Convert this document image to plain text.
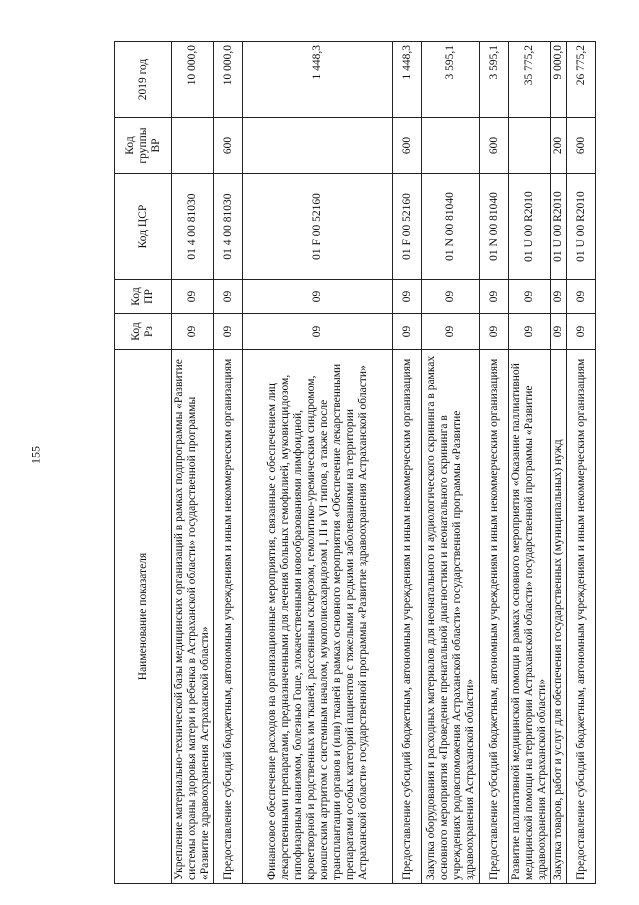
155
Наименование показателя	Код Рз	Код ПР	Код ЦСР	Код группы ВР	2019 год
Укрепление материально-технической базы медицинских организаций в рамках подпрограммы «Развитие системы охраны здоровья матери и ребенка в Астраханской области» государственной программы «Развитие здравоохранения Астраханской области»	09	09	01 4 00 81030		10 000,0
Предоставление субсидий бюджетным, автономным учреждениям и иным некоммерческим организациям	09	09	01 4 00 81030	600	10 000,0
Финансовое обеспечение расходов на организационные мероприятия, связанные с обеспечением лиц лекарственными препаратами, предназначенными для лечения больных гемофилией, муковисцидозом, гипофизарным нанизмом, болезнью Гоше, злокачественными новообразованиями лимфоидной, кроветворной и родственных им тканей, рассеянным склерозом, гемолитико-уремическим синдромом, юношеским артритом с системным началом, мукополисахаридозом I, II и VI типов, а также после трансплантации органов и (или) тканей в рамках основного мероприятия «Обеспечение лекарственными препаратами особых категорий пациентов с тяжелыми и редкими заболеваниями на территории Астраханской области» государственной программы «Развитие здравоохранения Астраханской области»	09	09	01 F 00 52160		1 448,3
Предоставление субсидий бюджетным, автономным учреждениям и иным некоммерческим организациям	09	09	01 F 00 52160	600	1 448,3
Закупка оборудования и расходных материалов для неонатального и аудиологического скрининга в рамках основного мероприятия «Проведение пренатальной диагностики и неонатального скрининга в учреждениях родовспоможения Астраханской области» государственной программы «Развитие здравоохранения Астраханской области»	09	09	01 N 00 81040		3 595,1
Предоставление субсидий бюджетным, автономным учреждениям и иным некоммерческим организациям	09	09	01 N 00 81040	600	3 595,1
Развитие паллиативной медицинской помощи в рамках основного мероприятия «Оказание паллиативной медицинской помощи на территории Астраханской области» государственной программы «Развитие здравоохранения Астраханской области»	09	09	01 U 00 R2010		35 775,2
Закупка товаров, работ и услуг для обеспечения государственных (муниципальных) нужд	09	09	01 U 00 R2010	200	9 000,0
Предоставление субсидий бюджетным, автономным учреждениям и иным некоммерческим организациям	09	09	01 U 00 R2010	600	26 775,2
